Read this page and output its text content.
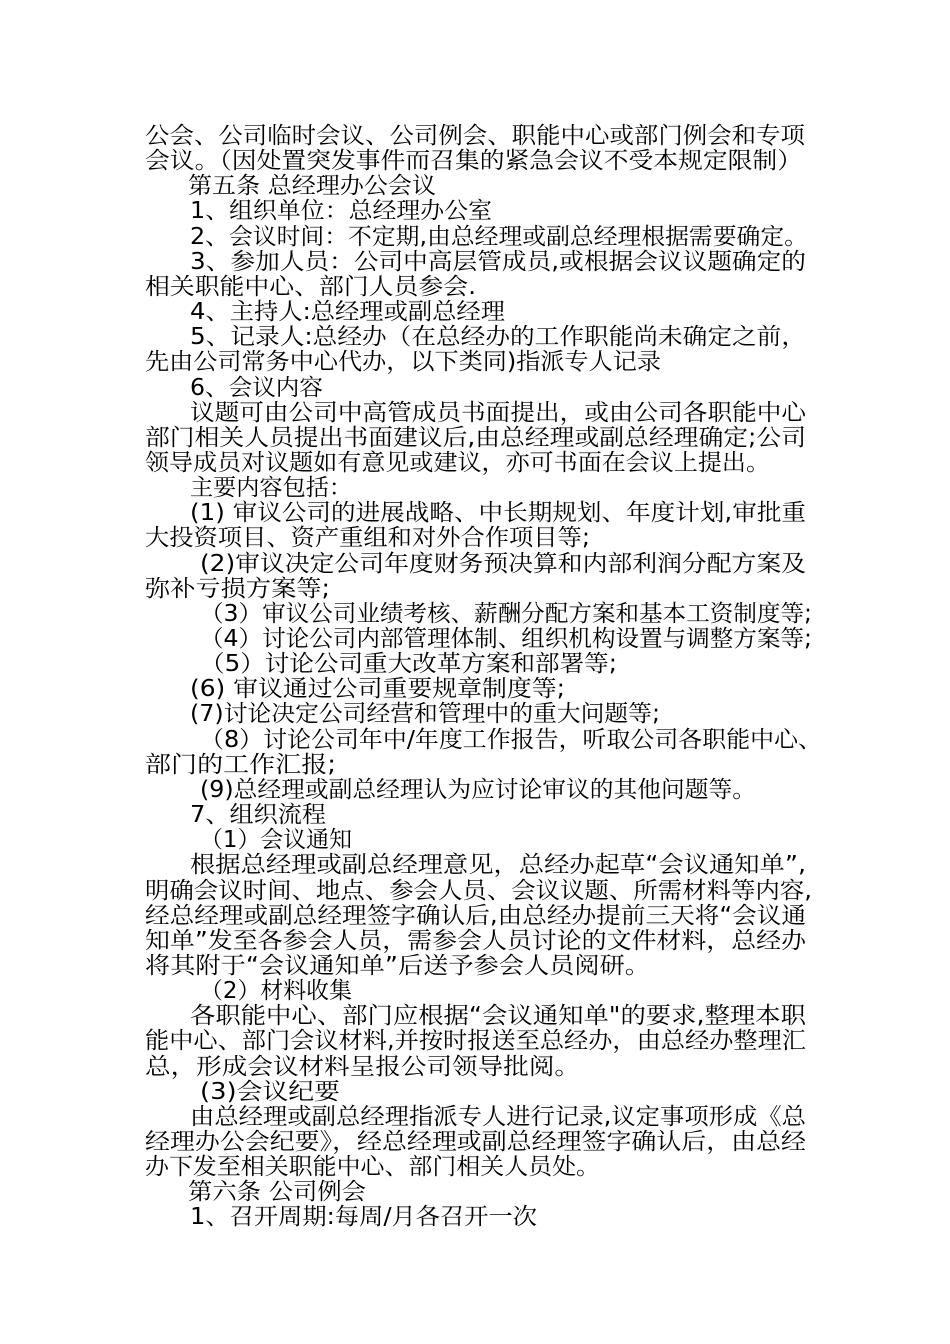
公会、公司临时会议、公司例会、职能中心或部门例会和专项
会议。（因处置突发事件而召集的紧急会议不受本规定限制）
第五条 总经理办公会议
1、组织单位：总经理办公室
2、会议时间：不定期,由总经理或副总经理根据需要确定。
3、参加人员：公司中高层管成员,或根据会议议题确定的
相关职能中心、部门人员参会.
4、主持人:总经理或副总经理
5、记录人:总经办（在总经办的工作职能尚未确定之前，
先由公司常务中心代办，以下类同)指派专人记录
6、会议内容
议题可由公司中高管成员书面提出，或由公司各职能中心
部门相关人员提出书面建议后,由总经理或副总经理确定;公司
领导成员对议题如有意见或建议，亦可书面在会议上提出。
主要内容包括：
(1) 审议公司的进展战略、中长期规划、年度计划,审批重
大投资项目、资产重组和对外合作项目等;
(2)审议决定公司年度财务预决算和内部利润分配方案及
弥补亏损方案等;
（3）审议公司业绩考核、薪酬分配方案和基本工资制度等;
（4）讨论公司内部管理体制、组织机构设置与调整方案等;
（5）讨论公司重大改革方案和部署等;
(6) 审议通过公司重要规章制度等;
(7)讨论决定公司经营和管理中的重大问题等;
（8）讨论公司年中/年度工作报告，听取公司各职能中心、
部门的工作汇报;
(9)总经理或副总经理认为应讨论审议的其他问题等。
7、组织流程
（1）会议通知
根据总经理或副总经理意见，总经办起草“会议通知单”,
明确会议时间、地点、参会人员、会议议题、所需材料等内容,
经总经理或副总经理签字确认后,由总经办提前三天将“会议通
知单”发至各参会人员，需参会人员讨论的文件材料，总经办
将其附于“会议通知单”后送予参会人员阅研。
（2）材料收集
各职能中心、部门应根据“会议通知单"的要求,整理本职
能中心、部门会议材料,并按时报送至总经办，由总经办整理汇
总，形成会议材料呈报公司领导批阅。
(3)会议纪要
由总经理或副总经理指派专人进行记录,议定事项形成《总
经理办公会纪要》，经总经理或副总经理签字确认后，由总经
办下发至相关职能中心、部门相关人员处。
第六条 公司例会
1、召开周期:每周/月各召开一次
